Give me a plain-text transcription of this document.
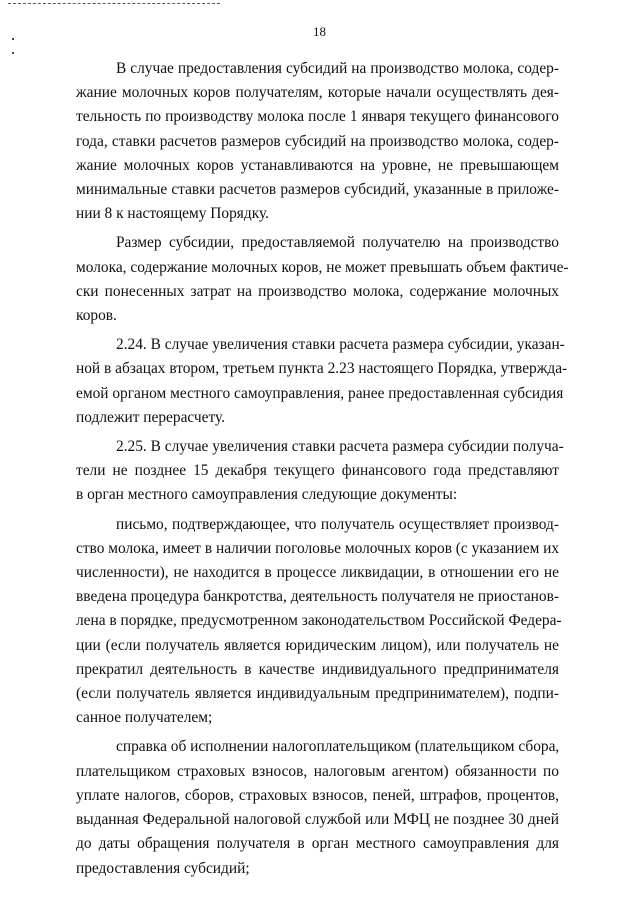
18
В случае предоставления субсидий на производство молока, содер-
жание молочных коров получателям, которые начали осуществлять дея-
тельность по производству молока после 1 января текущего финансового
года, ставки расчетов размеров субсидий на производство молока, содер-
жание молочных коров устанавливаются на уровне, не превышающем
минимальные ставки расчетов размеров субсидий, указанные в приложе-
нии 8 к настоящему Порядку.
Размер субсидии, предоставляемой получателю на производство
молока, содержание молочных коров, не может превышать объем фактиче-
ски понесенных затрат на производство молока, содержание молочных
коров.
2.24. В случае увеличения ставки расчета размера субсидии, указан-
ной в абзацах втором, третьем пункта 2.23 настоящего Порядка, утвержда-
емой органом местного самоуправления, ранее предоставленная субсидия
подлежит перерасчету.
2.25. В случае увеличения ставки расчета размера субсидии получа-
тели не позднее 15 декабря текущего финансового года представляют
в орган местного самоуправления следующие документы:
письмо, подтверждающее, что получатель осуществляет производ-
ство молока, имеет в наличии поголовье молочных коров (с указанием их
численности), не находится в процессе ликвидации, в отношении его не
введена процедура банкротства, деятельность получателя не приостанов-
лена в порядке, предусмотренном законодательством Российской Федера-
ции (если получатель является юридическим лицом), или получатель не
прекратил деятельность в качестве индивидуального предпринимателя
(если получатель является индивидуальным предпринимателем), подпи-
санное получателем;
справка об исполнении налогоплательщиком (плательщиком сбора,
плательщиком страховых взносов, налоговым агентом) обязанности по
уплате налогов, сборов, страховых взносов, пеней, штрафов, процентов,
выданная Федеральной налоговой службой или МФЦ не позднее 30 дней
до даты обращения получателя в орган местного самоуправления для
предоставления субсидий;
